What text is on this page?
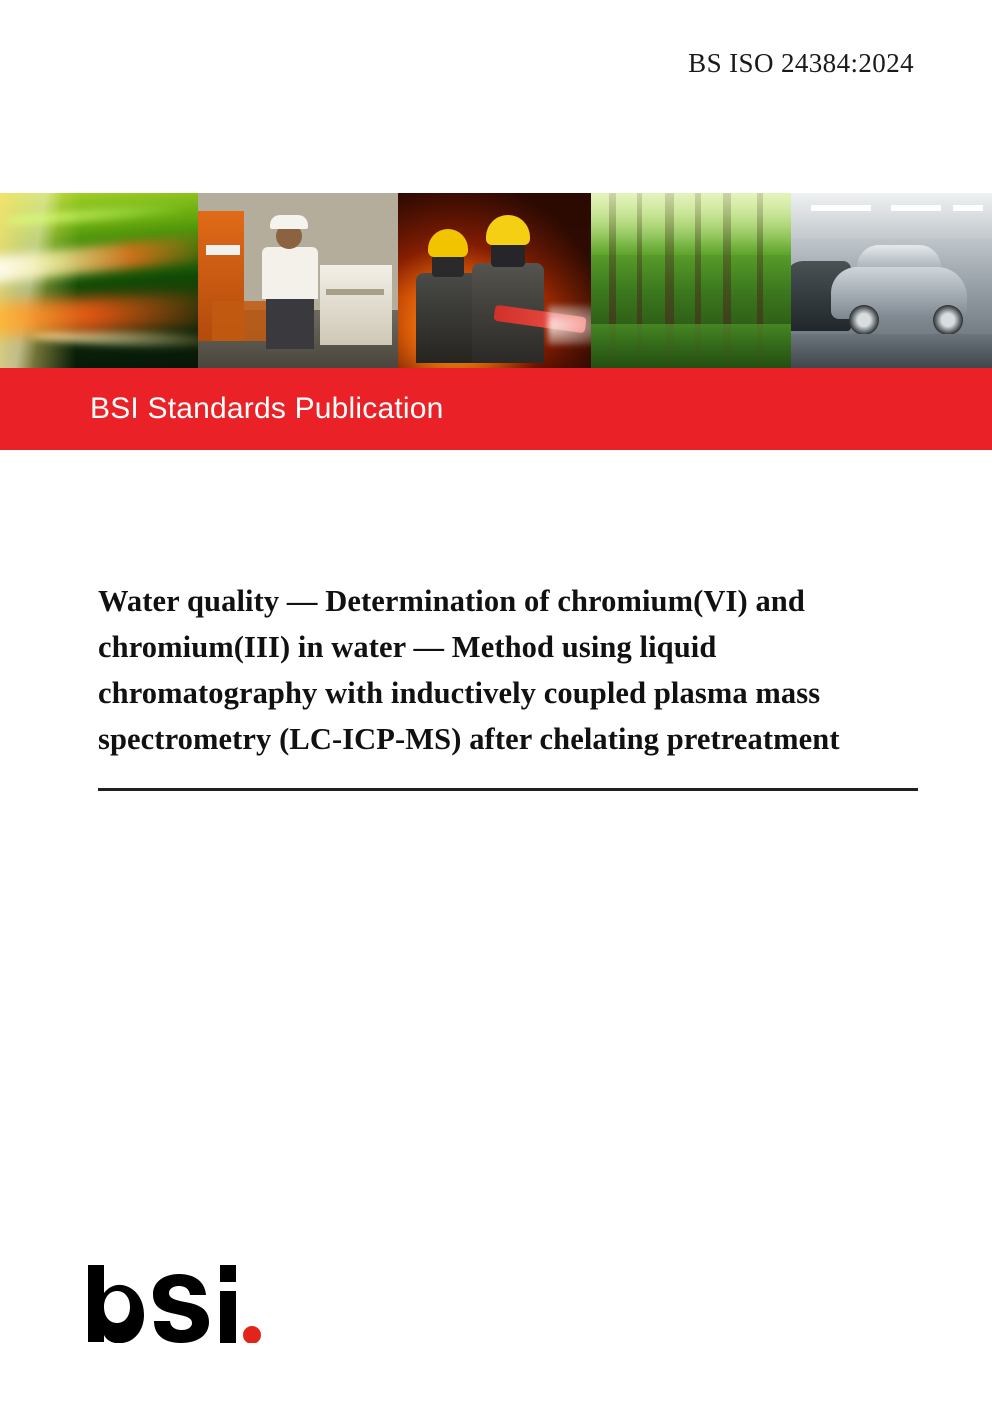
BS ISO 24384:2024
BSI Standards Publication
Water quality — Determination of chromium(VI) and chromium(III) in water — Method using liquid chromatography with inductively coupled plasma mass spectrometry (LC-ICP-MS) after chelating pretreatment
